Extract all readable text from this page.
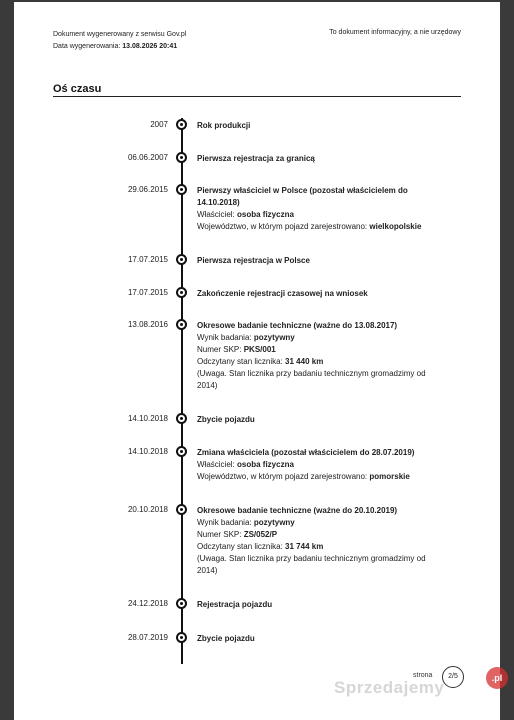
Dokument wygenerowany z serwisu Gov.pl
Data wygenerowania: 13.08.2026 20:41
To dokument informacyjny, a nie urzędowy
Oś czasu
2007	Rok produkcji
06.06.2007	Pierwsza rejestracja za granicą
29.06.2015	Pierwszy właściciel w Polsce (pozostał właścicielem do 14.10.2018)
Właściciel: osoba fizyczna
Województwo, w którym pojazd zarejestrowano: wielkopolskie
17.07.2015	Pierwsza rejestracja w Polsce
17.07.2015	Zakończenie rejestracji czasowej na wniosek
13.08.2016	Okresowe badanie techniczne (ważne do 13.08.2017)
Wynik badania: pozytywny
Numer SKP: PKS/001
Odczytany stan licznika: 31 440 km
(Uwaga. Stan licznika przy badaniu technicznym gromadzimy od 2014)
14.10.2018	Zbycie pojazdu
14.10.2018	Zmiana właściciela (pozostał właścicielem do 28.07.2019)
Właściciel: osoba fizyczna
Województwo, w którym pojazd zarejestrowano: pomorskie
20.10.2018	Okresowe badanie techniczne (ważne do 20.10.2019)
Wynik badania: pozytywny
Numer SKP: ZS/052/P
Odczytany stan licznika: 31 744 km
(Uwaga. Stan licznika przy badaniu technicznym gromadzimy od 2014)
24.12.2018	Rejestracja pojazdu
28.07.2019	Zbycie pojazdu
strona	2/5
Sprzedajemy	.pl
